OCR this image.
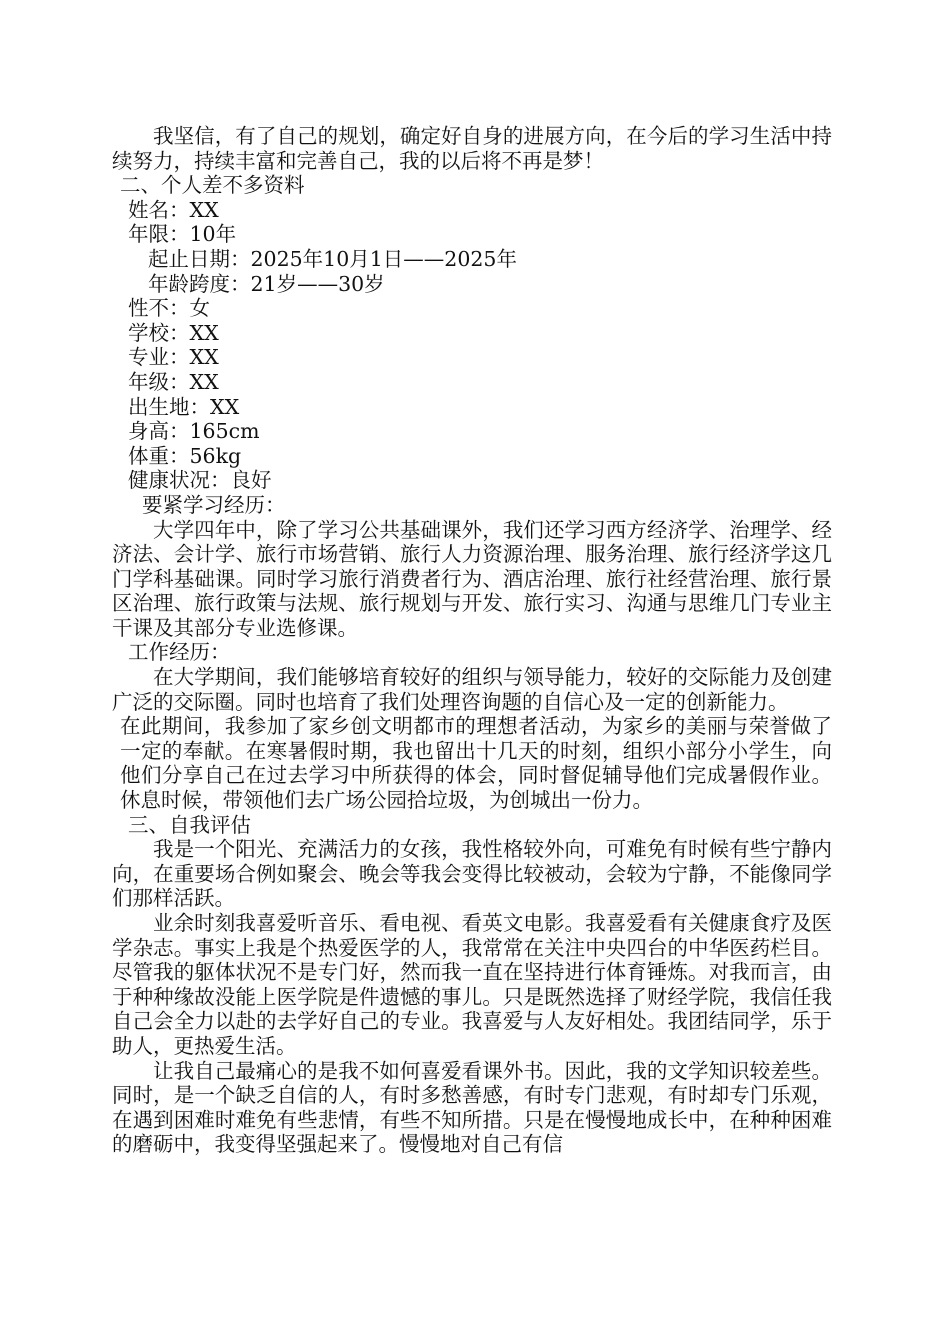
我坚信，有了自己的规划，确定好自身的进展方向，在今后的学习生活中持续努力，持续丰富和完善自己，我的以后将不再是梦！

二、个人差不多资料

姓名：XX

年限：10年

起止日期：2025年10月1日——2025年

年龄跨度：21岁——30岁

性不：女

学校：XX

专业：XX

年级：XX

出生地：XX

身高：165cm

体重：56kg

健康状况：良好

要紧学习经历：

大学四年中，除了学习公共基础课外，我们还学习西方经济学、治理学、经济法、会计学、旅行市场营销、旅行人力资源治理、服务治理、旅行经济学这几门学科基础课。同时学习旅行消费者行为、酒店治理、旅行社经营治理、旅行景区治理、旅行政策与法规、旅行规划与开发、旅行实习、沟通与思维几门专业主干课及其部分专业选修课。

工作经历：

在大学期间，我们能够培育较好的组织与领导能力，较好的交际能力及创建广泛的交际圈。同时也培育了我们处理咨询题的自信心及一定的创新能力。

在此期间，我参加了家乡创文明都市的理想者活动，为家乡的美丽与荣誉做了一定的奉献。在寒暑假时期，我也留出十几天的时刻，组织小部分小学生，向他们分享自己在过去学习中所获得的体会，同时督促辅导他们完成暑假作业。休息时候，带领他们去广场公园拾垃圾，为创城出一份力。

三、自我评估

我是一个阳光、充满活力的女孩，我性格较外向，可难免有时候有些宁静内向，在重要场合例如聚会、晚会等我会变得比较被动，会较为宁静，不能像同学们那样活跃。

业余时刻我喜爱听音乐、看电视、看英文电影。我喜爱看有关健康食疗及医学杂志。事实上我是个热爱医学的人，我常常在关注中央四台的中华医药栏目。尽管我的躯体状况不是专门好，然而我一直在坚持进行体育锤炼。对我而言，由于种种缘故没能上医学院是件遗憾的事儿。只是既然选择了财经学院，我信任我自己会全力以赴的去学好自己的专业。我喜爱与人友好相处。我团结同学，乐于助人，更热爱生活。

让我自己最痛心的是我不如何喜爱看课外书。因此，我的文学知识较差些。同时，是一个缺乏自信的人，有时多愁善感，有时专门悲观，有时却专门乐观，在遇到困难时难免有些悲情，有些不知所措。只是在慢慢地成长中，在种种困难的磨砺中，我变得坚强起来了。慢慢地对自己有信
